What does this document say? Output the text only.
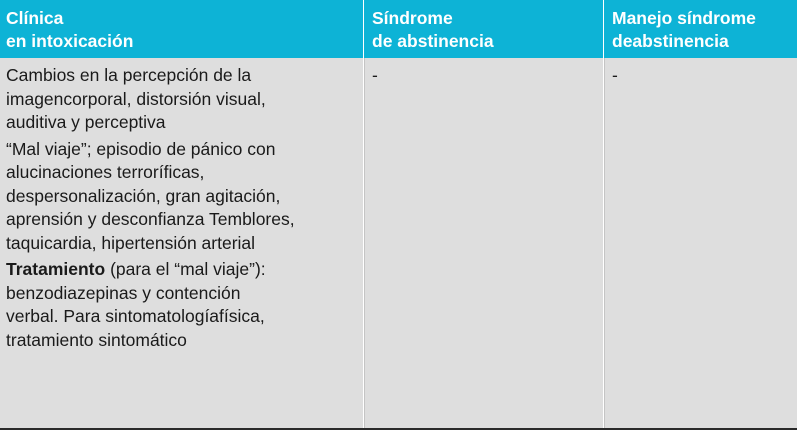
Clínica
en intoxicación
Síndrome
de abstinencia
Manejo síndrome
deabstinencia

Cambios en la percepción de la
imagencorporal, distorsión visual,
auditiva y perceptiva

“Mal viaje”; episodio de pánico con
alucinaciones terroríficas,
despersonalización, gran agitación,
aprensión y desconfianza Temblores,
taquicardia, hipertensión arterial

Tratamiento (para el “mal viaje”):
benzodiazepinas y contención
verbal. Para sintomatologíafísica,
tratamiento sintomático

-	-
